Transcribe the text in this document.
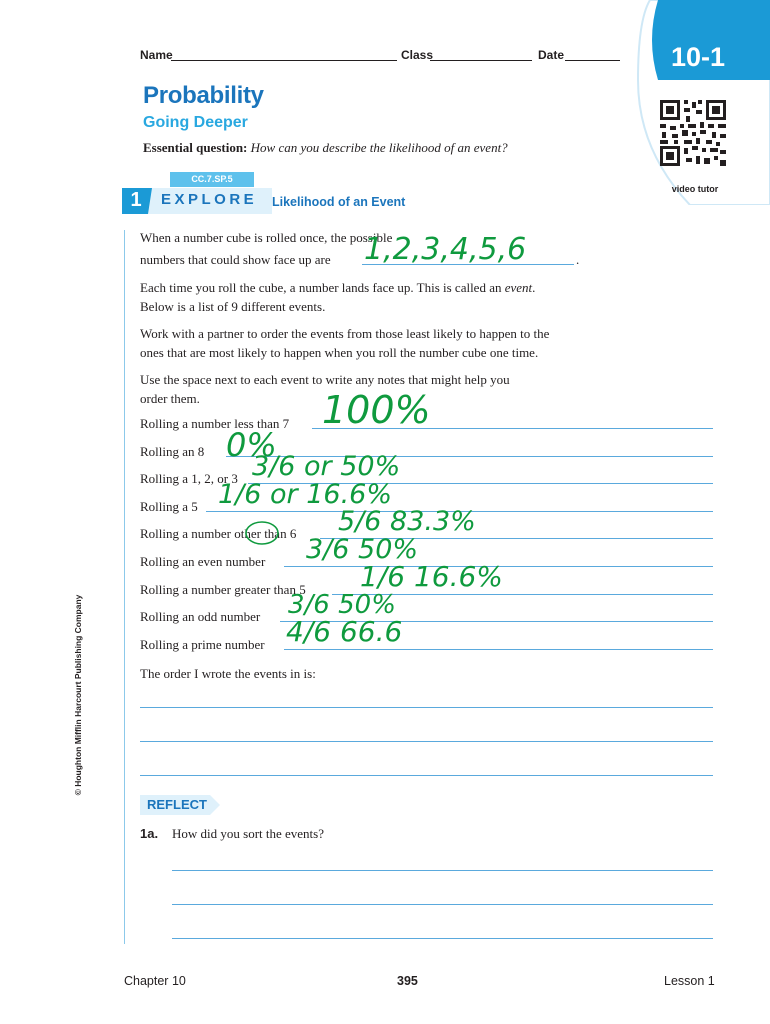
Name	Class	Date	10-1
video tutor
Probability
Going Deeper
Essential question: How can you describe the likelihood of an event?
CC.7.SP.5
1	EXPLORE Likelihood of an Event
When a number cube is rolled once, the possible
numbers that could show face up are	.
1,2,3,4,5,6
Each time you roll the cube, a number lands face up. This is called an event.
Below is a list of 9 different events.
Work with a partner to order the events from those least likely to happen to the
ones that are most likely to happen when you roll the number cube one time.
Use the space next to each event to write any notes that might help you
order them.
Rolling a number less than 7 100%
Rolling an 8 0%
Rolling a 1, 2, or 3 3/6 or 50%
Rolling a 5 1/6 or 16.6%
Rolling a number other than 6 5/6 83.3%
Rolling an even number 3/6 50%
Rolling a number greater than 5 1/6 16.6%
Rolling an odd number 3/6 50%
Rolling a prime number 4/6 66.6
The order I wrote the events in is:
© Houghton Mifflin Harcourt Publishing Company
REFLECT
1a. How did you sort the events?
Chapter 10	395	Lesson 1
